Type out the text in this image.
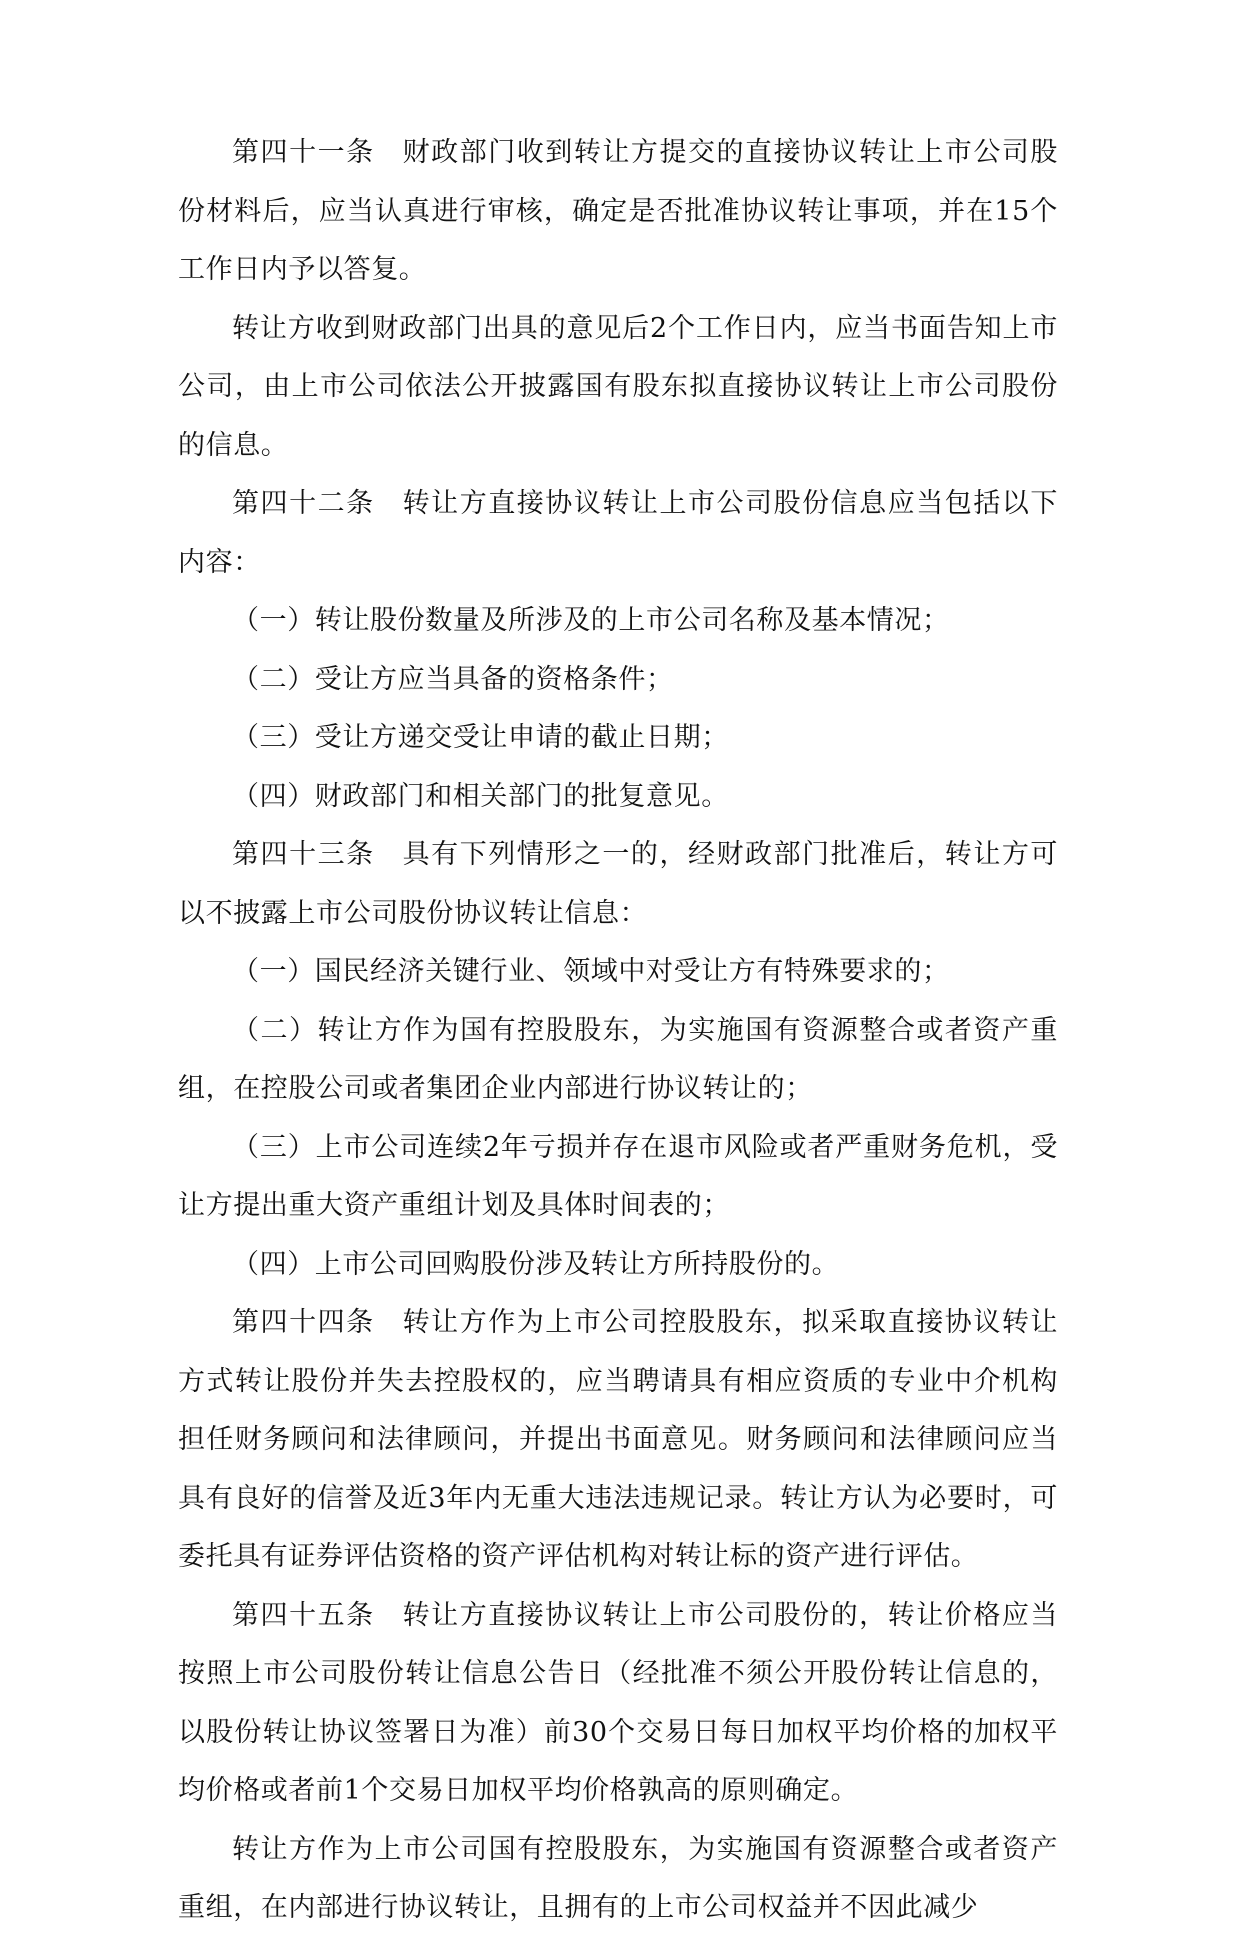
第四十一条 财政部门收到转让方提交的直接协议转让上市公司股份材料后，应当认真进行审核，确定是否批准协议转让事项，并在15个工作日内予以答复。

转让方收到财政部门出具的意见后2个工作日内，应当书面告知上市公司，由上市公司依法公开披露国有股东拟直接协议转让上市公司股份的信息。

第四十二条 转让方直接协议转让上市公司股份信息应当包括以下内容：

（一）转让股份数量及所涉及的上市公司名称及基本情况；

（二）受让方应当具备的资格条件；

（三）受让方递交受让申请的截止日期；

（四）财政部门和相关部门的批复意见。

第四十三条 具有下列情形之一的，经财政部门批准后，转让方可以不披露上市公司股份协议转让信息：

（一）国民经济关键行业、领域中对受让方有特殊要求的；

（二）转让方作为国有控股股东，为实施国有资源整合或者资产重组，在控股公司或者集团企业内部进行协议转让的；

（三）上市公司连续2年亏损并存在退市风险或者严重财务危机，受让方提出重大资产重组计划及具体时间表的；

（四）上市公司回购股份涉及转让方所持股份的。

第四十四条 转让方作为上市公司控股股东，拟采取直接协议转让方式转让股份并失去控股权的，应当聘请具有相应资质的专业中介机构担任财务顾问和法律顾问，并提出书面意见。财务顾问和法律顾问应当具有良好的信誉及近3年内无重大违法违规记录。转让方认为必要时，可委托具有证券评估资格的资产评估机构对转让标的资产进行评估。

第四十五条 转让方直接协议转让上市公司股份的，转让价格应当按照上市公司股份转让信息公告日（经批准不须公开股份转让信息的，以股份转让协议签署日为准）前30个交易日每日加权平均价格的加权平均价格或者前1个交易日加权平均价格孰高的原则确定。

转让方作为上市公司国有控股股东，为实施国有资源整合或者资产重组，在内部进行协议转让，且拥有的上市公司权益并不因此减少
